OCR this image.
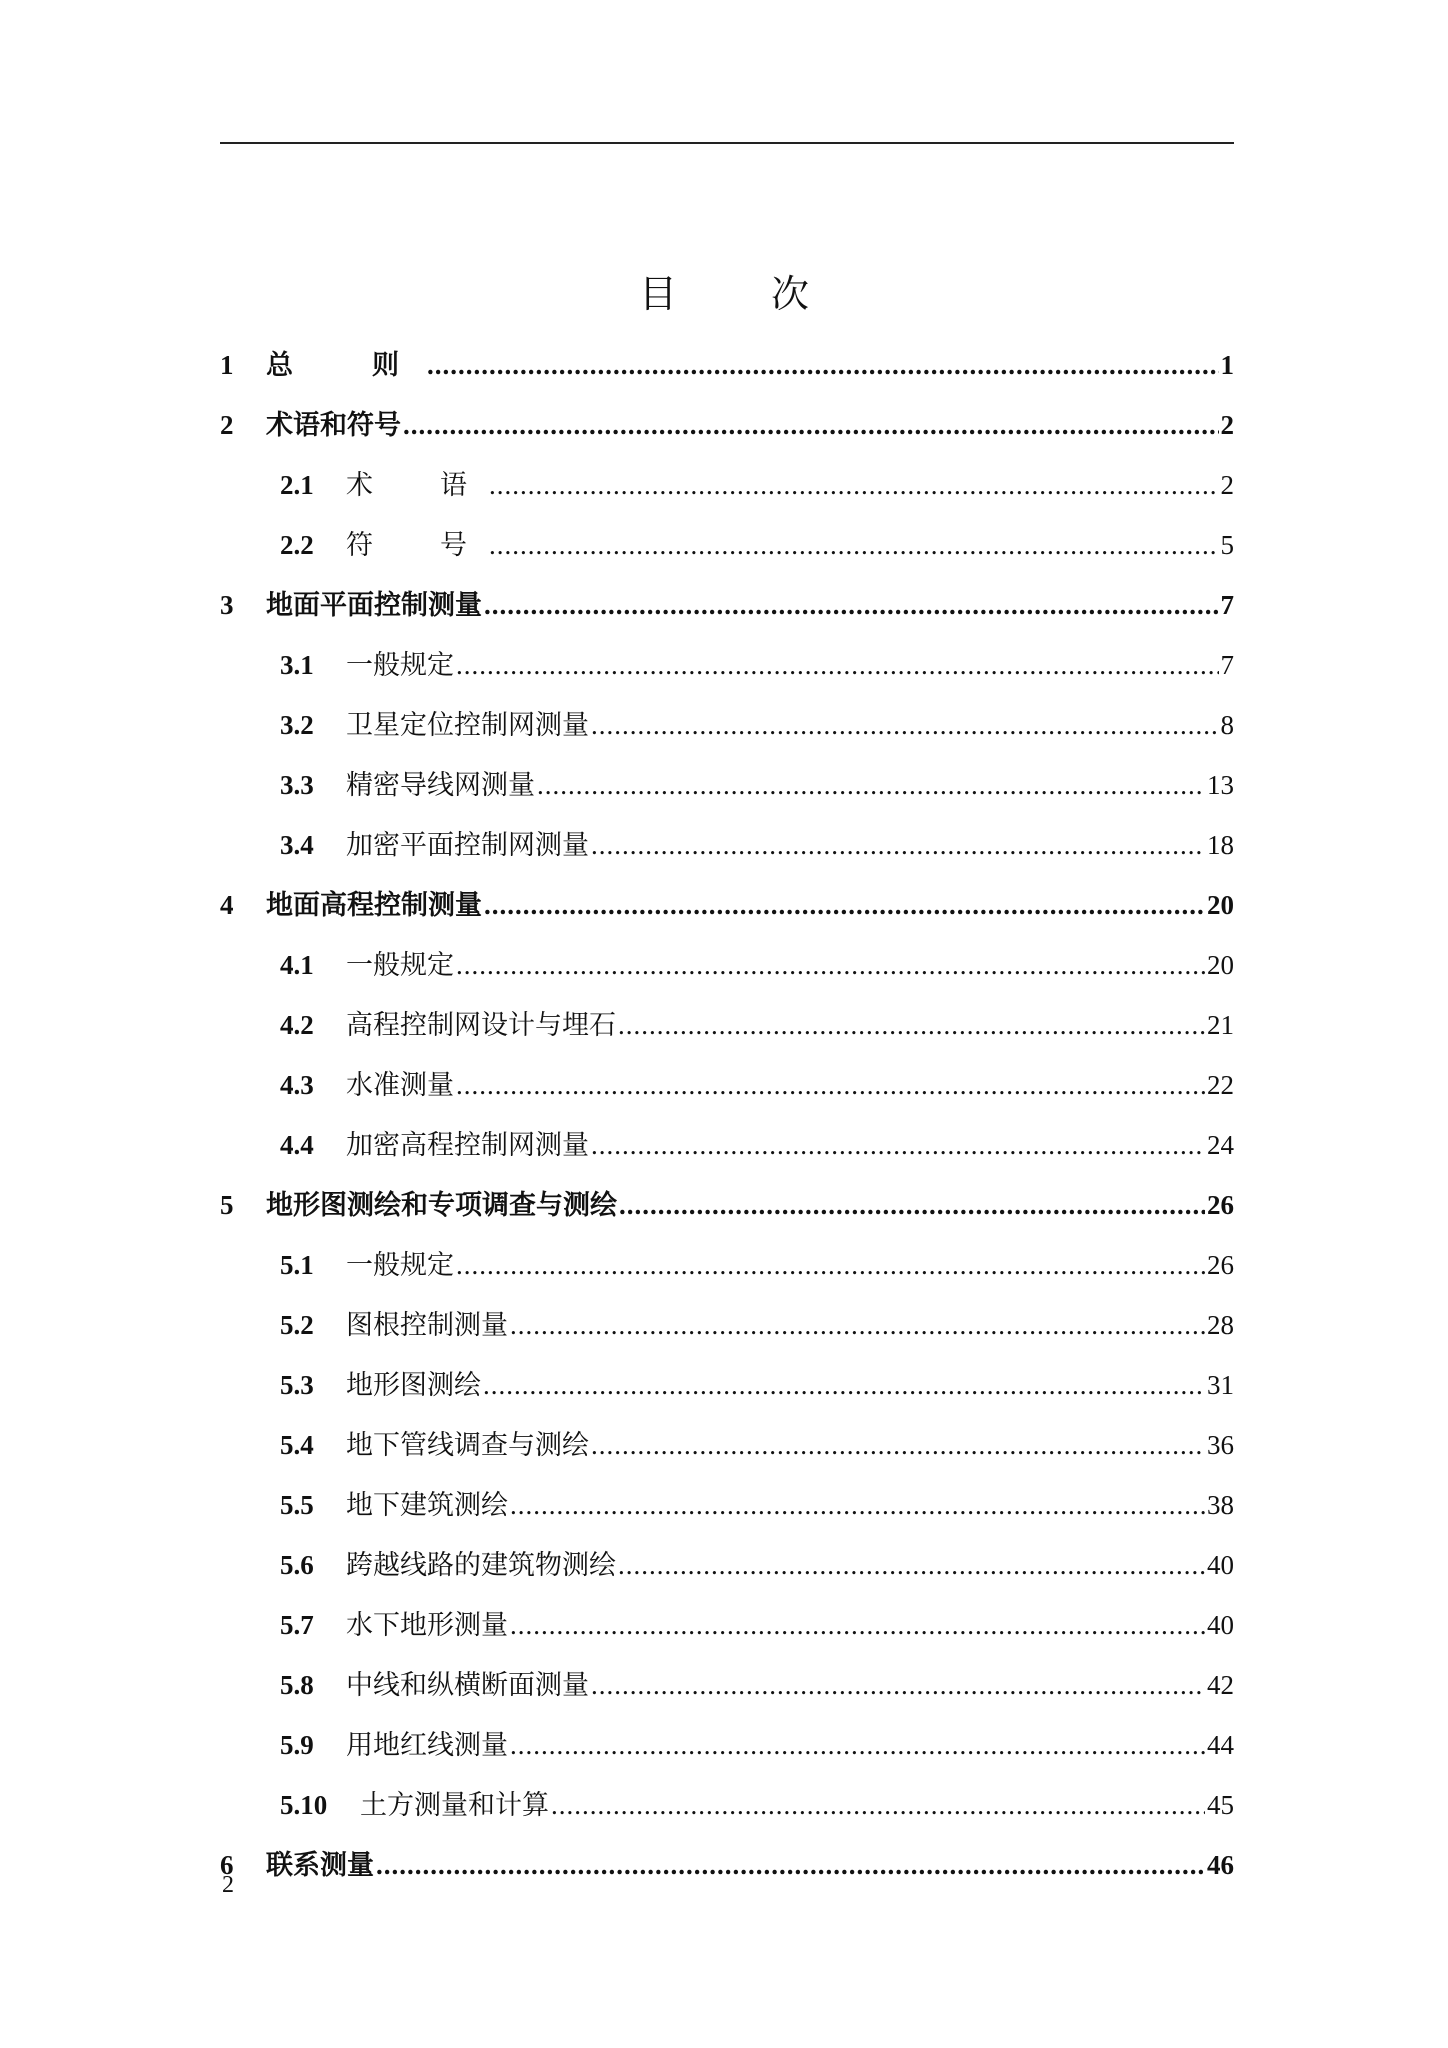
目　次
1	总　则 .....	1
2	术语和符号 .....	2
2.1	术　语 .....	2
2.2	符　号 .....	5
3	地面平面控制测量 .....	7
3.1	一般规定 .....	7
3.2	卫星定位控制网测量 .....	8
3.3	精密导线网测量 .....	13
3.4	加密平面控制网测量 .....	18
4	地面高程控制测量 .....	20
4.1	一般规定 .....	20
4.2	高程控制网设计与埋石 .....	21
4.3	水准测量 .....	22
4.4	加密高程控制网测量 .....	24
5	地形图测绘和专项调查与测绘 .....	26
5.1	一般规定 .....	26
5.2	图根控制测量 .....	28
5.3	地形图测绘 .....	31
5.4	地下管线调查与测绘 .....	36
5.5	地下建筑测绘 .....	38
5.6	跨越线路的建筑物测绘 .....	40
5.7	水下地形测量 .....	40
5.8	中线和纵横断面测量 .....	42
5.9	用地红线测量 .....	44
5.10	土方测量和计算 .....	45
6	联系测量 .....	46
2
